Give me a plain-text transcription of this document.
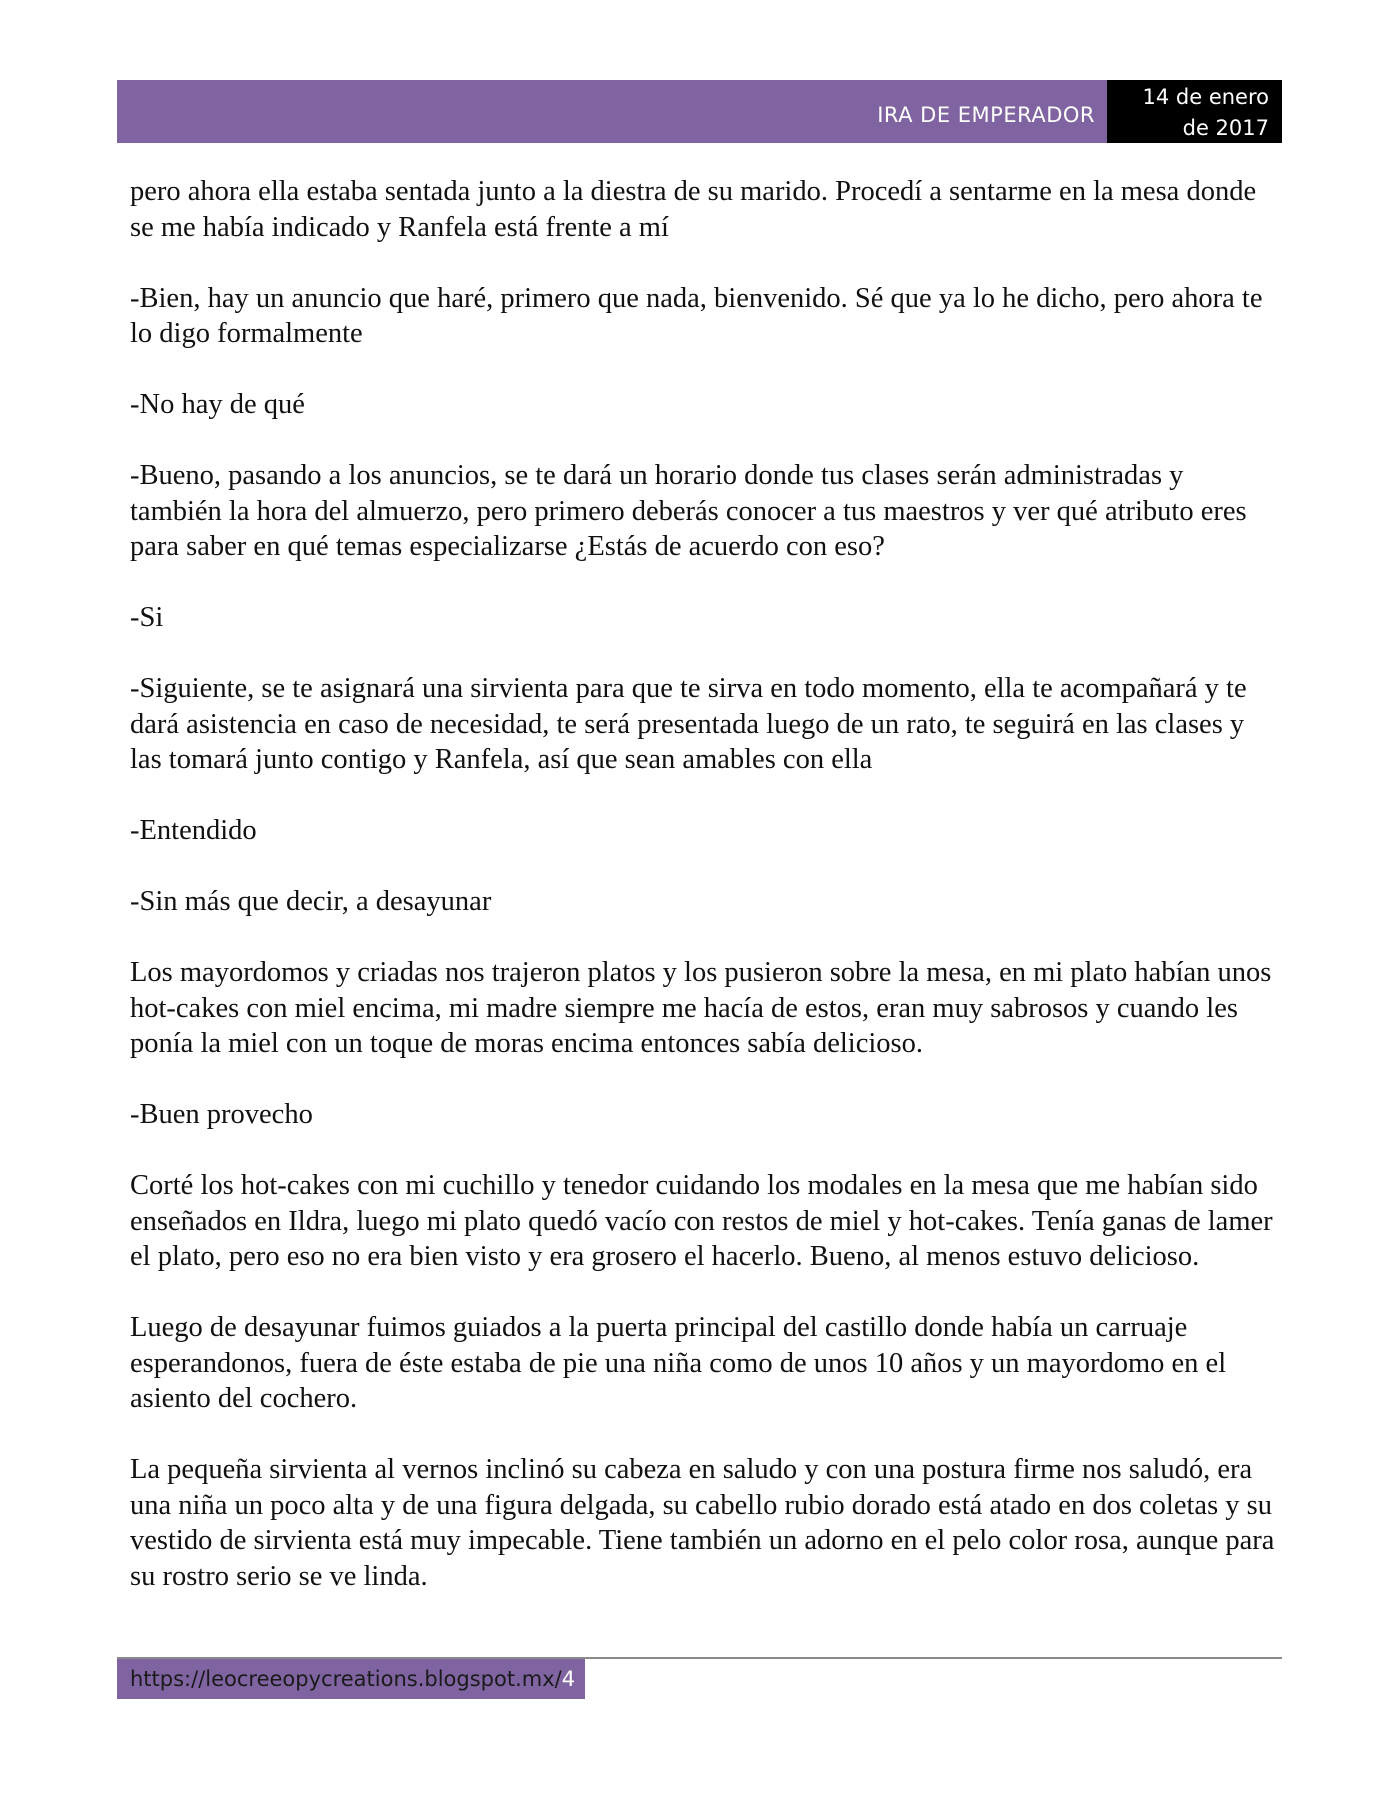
IRA DE EMPERADOR
14 de enero
de 2017

pero ahora ella estaba sentada junto a la diestra de su marido. Procedí a sentarme en la mesa donde se me había indicado y Ranfela está frente a mí

-Bien, hay un anuncio que haré, primero que nada, bienvenido. Sé que ya lo he dicho, pero ahora te lo digo formalmente

-No hay de qué

-Bueno, pasando a los anuncios, se te dará un horario donde tus clases serán administradas y también la hora del almuerzo, pero primero deberás conocer a tus maestros y ver qué atributo eres para saber en qué temas especializarse ¿Estás de acuerdo con eso?

-Si

-Siguiente, se te asignará una sirvienta para que te sirva en todo momento, ella te acompañará y te dará asistencia en caso de necesidad, te será presentada luego de un rato, te seguirá en las clases y las tomará junto contigo y Ranfela, así que sean amables con ella

-Entendido

-Sin más que decir, a desayunar

Los mayordomos y criadas nos trajeron platos y los pusieron sobre la mesa, en mi plato habían unos hot-cakes con miel encima, mi madre siempre me hacía de estos, eran muy sabrosos y cuando les ponía la miel con un toque de moras encima entonces sabía delicioso.

-Buen provecho

Corté los hot-cakes con mi cuchillo y tenedor cuidando los modales en la mesa que me habían sido enseñados en Ildra, luego mi plato quedó vacío con restos de miel y hot-cakes. Tenía ganas de lamer el plato, pero eso no era bien visto y era grosero el hacerlo. Bueno, al menos estuvo delicioso.

Luego de desayunar fuimos guiados a la puerta principal del castillo donde había un carruaje esperandonos, fuera de éste estaba de pie una niña como de unos 10 años y un mayordomo en el asiento del cochero.

La pequeña sirvienta al vernos inclinó su cabeza en saludo y con una postura firme nos saludó, era una niña un poco alta y de una figura delgada, su cabello rubio dorado está atado en dos coletas y su vestido de sirvienta está muy impecable. Tiene también un adorno en el pelo color rosa, aunque para su rostro serio se ve linda.

https://leocreeopycreations.blogspot.mx/ 4
